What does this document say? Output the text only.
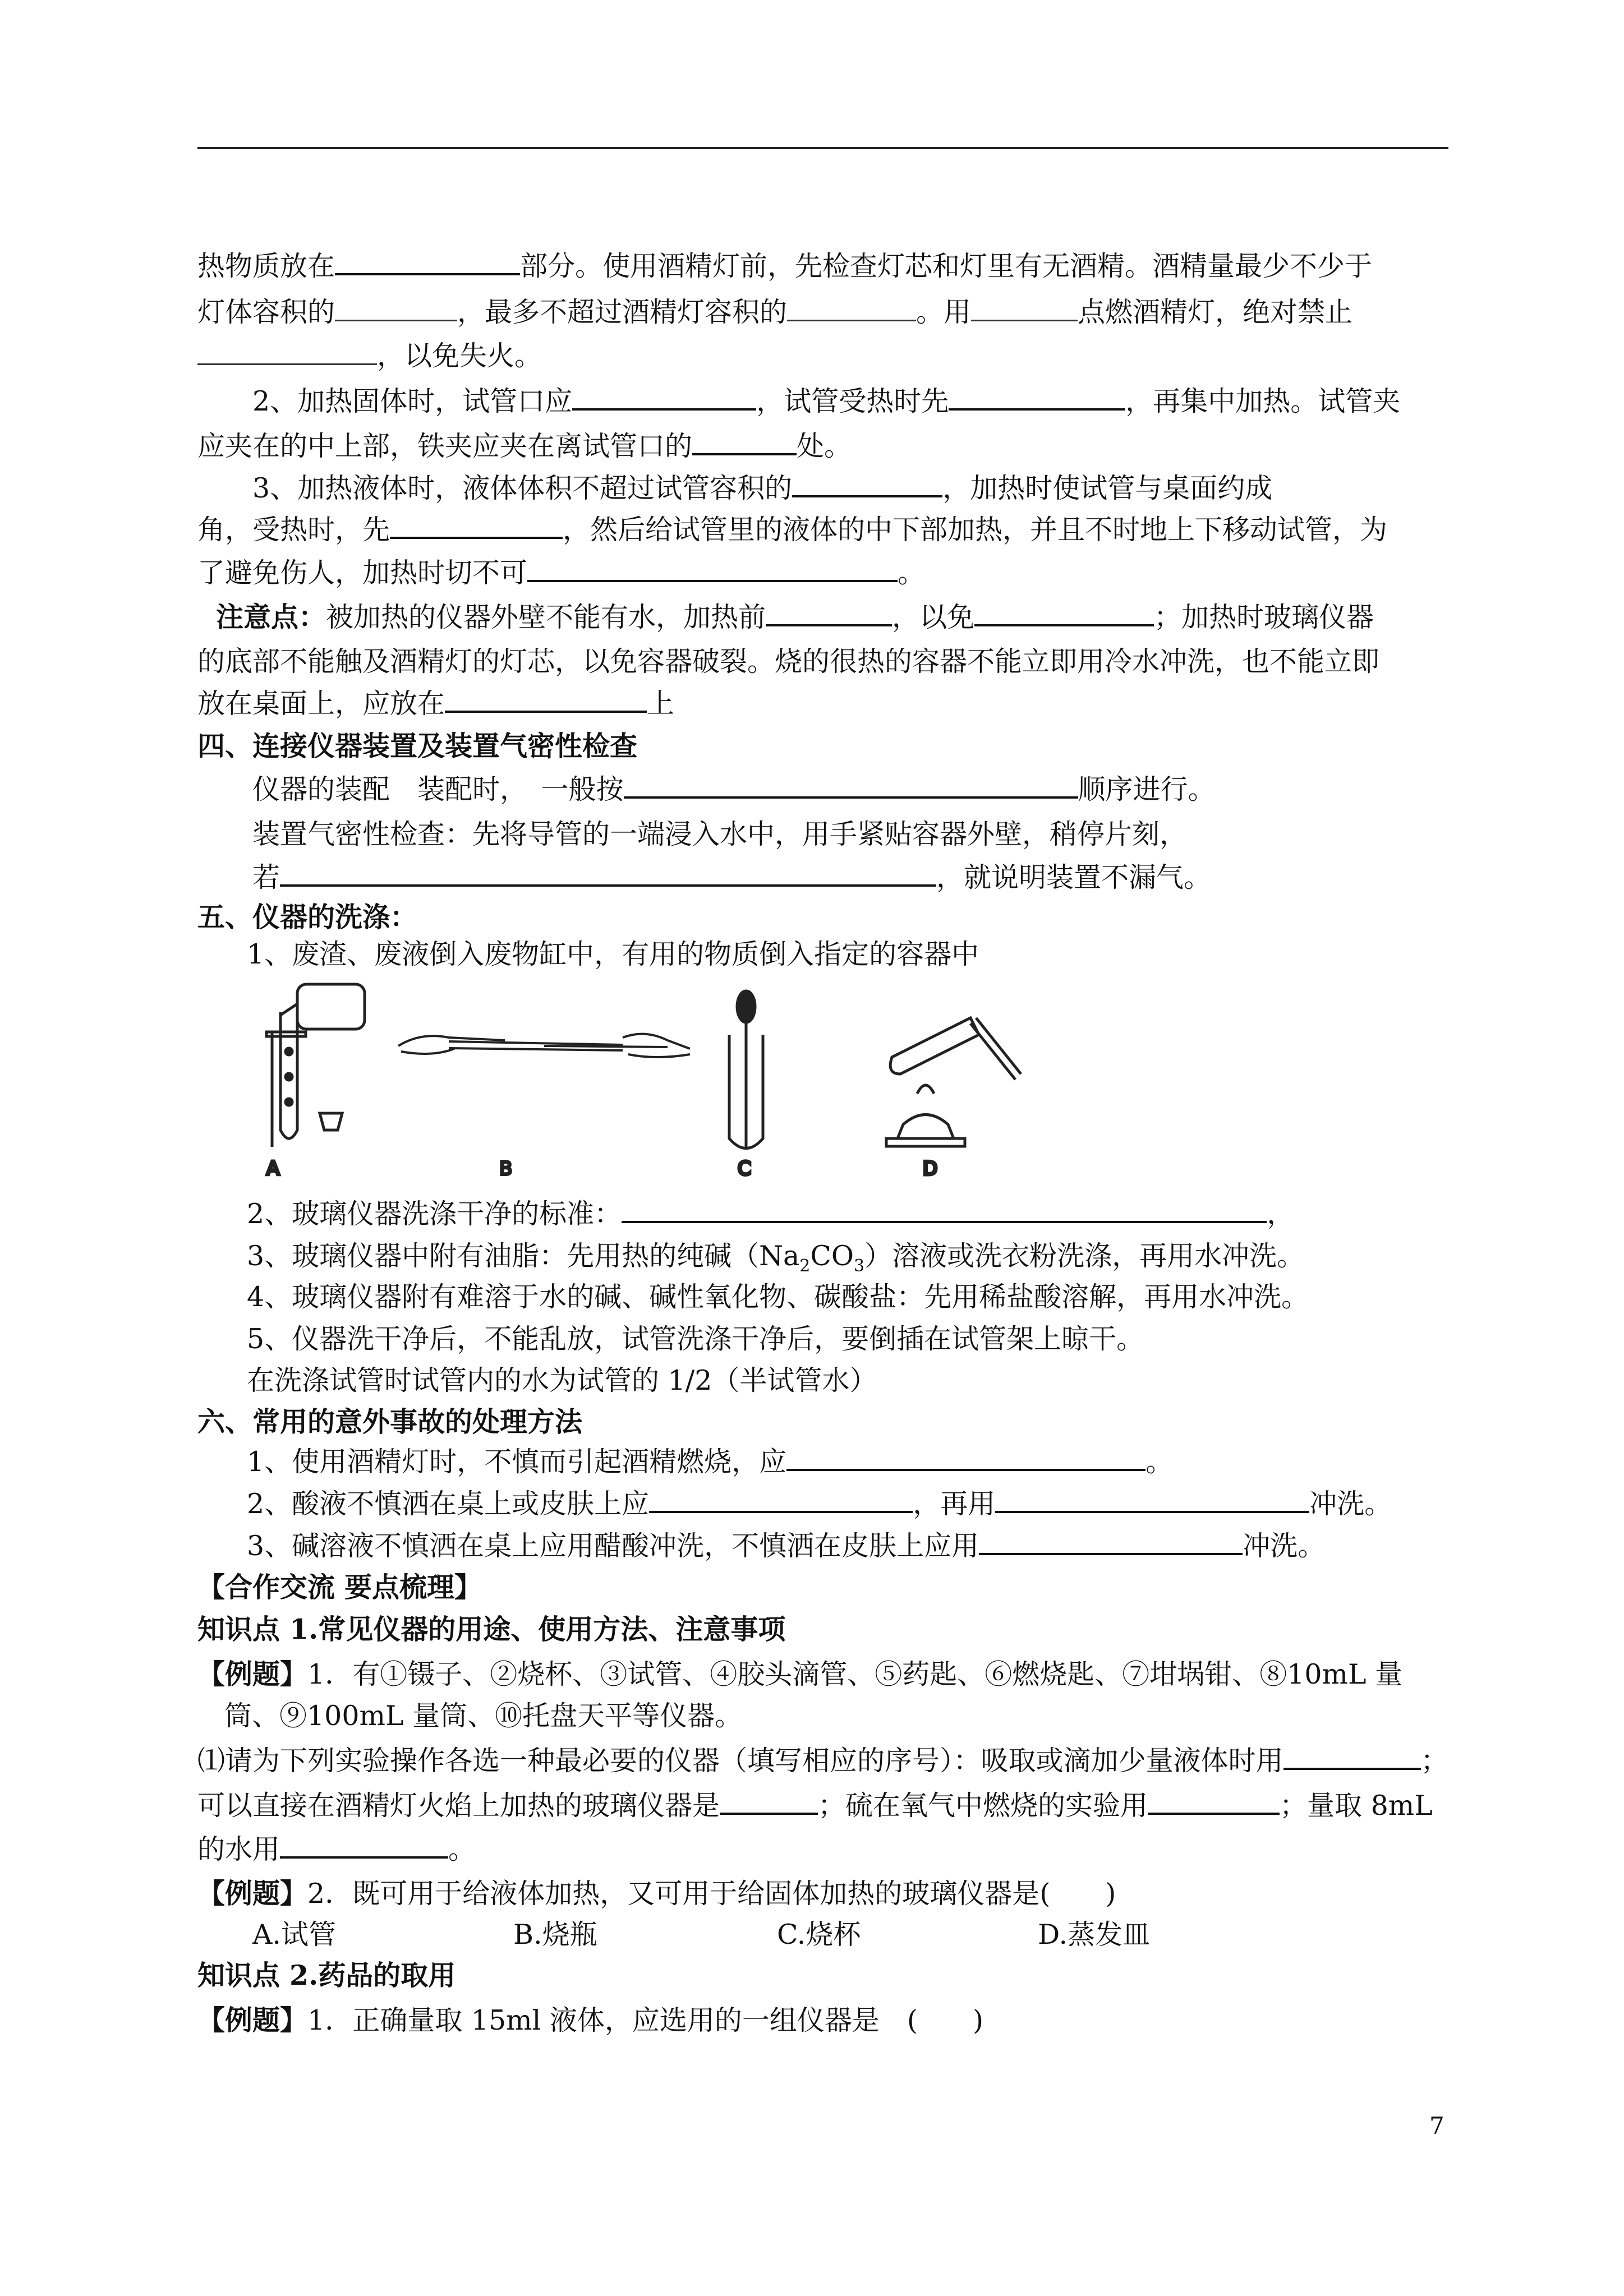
热物质放在	部分。使用酒精灯前，先检查灯芯和灯里有无酒精。酒精量最少不少于
灯体容积的	，最多不超过酒精灯容积的	。用	点燃酒精灯，绝对禁止
，以免失火。
2、加热固体时，试管口应	，试管受热时先	，再集中加热。试管夹
应夹在的中上部，铁夹应夹在离试管口的	处。
3、加热液体时，液体体积不超过试管容积的	，加热时使试管与桌面约成
角，受热时，先	，然后给试管里的液体的中下部加热，并且不时地上下移动试管，为
了避免伤人，加热时切不可	。
注意点：被加热的仪器外壁不能有水，加热前	，以免	；加热时玻璃仪器
的底部不能触及酒精灯的灯芯，以免容器破裂。烧的很热的容器不能立即用冷水冲洗，也不能立即
放在桌面上，应放在	上
四、连接仪器装置及装置气密性检查
仪器的装配　装配时，　一般按	顺序进行。
装置气密性检查：先将导管的一端浸入水中，用手紧贴容器外壁，稍停片刻，
若	，就说明装置不漏气。
五、仪器的洗涤：
1、废渣、废液倒入废物缸中，有用的物质倒入指定的容器中
A	B	C	D
2、玻璃仪器洗涤干净的标准：	，
3、玻璃仪器中附有油脂：先用热的纯碱$(Na_2CO_3)$溶液或洗衣粉洗涤，再用水冲洗。
4、玻璃仪器附有难溶于水的碱、碱性氧化物、碳酸盐：先用稀盐酸溶解，再用水冲洗。
5、仪器洗干净后，不能乱放，试管洗涤干净后，要倒插在试管架上晾干。
在洗涤试管时试管内的水为试管的 1/2（半试管水）
六、常用的意外事故的处理方法
1、使用酒精灯时，不慎而引起酒精燃烧，应	。
2、酸液不慎洒在桌上或皮肤上应	，再用	冲洗。
3、碱溶液不慎洒在桌上应用醋酸冲洗，不慎洒在皮肤上应用	冲洗。
【合作交流 要点梳理】
知识点 1.常见仪器的用途、使用方法、注意事项
【例题】1．有①镊子、②烧杯、③试管、④胶头滴管、⑤药匙、⑥燃烧匙、⑦坩埚钳、⑧10mL 量
筒、⑨100mL 量筒、⑩托盘天平等仪器。
⑴请为下列实验操作各选一种最必要的仪器（填写相应的序号）：吸取或滴加少量液体时用	；
可以直接在酒精灯火焰上加热的玻璃仪器是	；硫在氧气中燃烧的实验用	；量取 8mL
的水用	。
【例题】2．既可用于给液体加热，又可用于给固体加热的玻璃仪器是(　　)
A.试管	B.烧瓶	C.烧杯	D.蒸发皿
知识点 2.药品的取用
【例题】1．正确量取 15ml 液体，应选用的一组仪器是　(　　)
7
